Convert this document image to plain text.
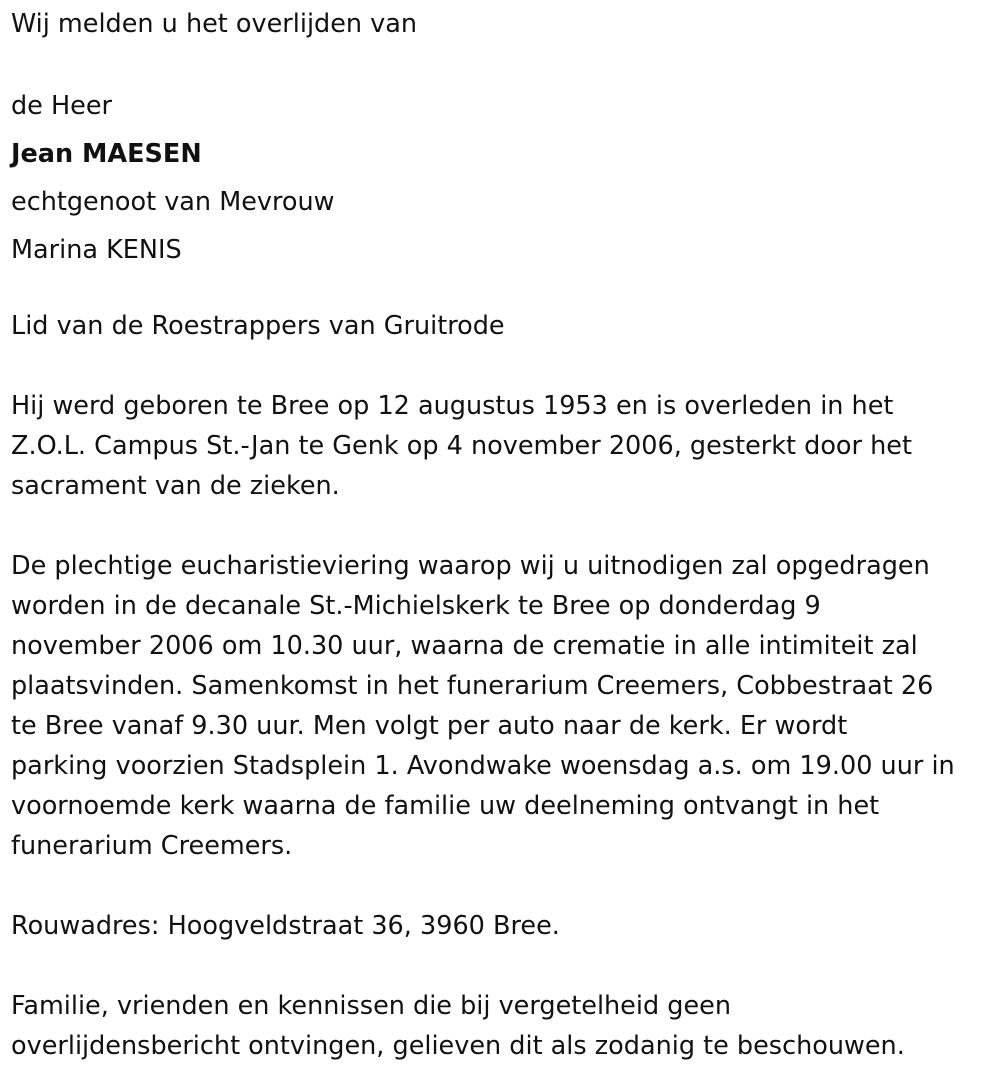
Wij melden u het overlijden van

de Heer

Jean MAESEN

echtgenoot van Mevrouw

Marina KENIS

Lid van de Roestrappers van Gruitrode

Hij werd geboren te Bree op 12 augustus 1953 en is overleden in het

Z.O.L. Campus St.-Jan te Genk op 4 november 2006, gesterkt door het

sacrament van de zieken.

De plechtige eucharistieviering waarop wij u uitnodigen zal opgedragen

worden in de decanale St.-Michielskerk te Bree op donderdag 9

november 2006 om 10.30 uur, waarna de crematie in alle intimiteit zal

plaatsvinden. Samenkomst in het funerarium Creemers, Cobbestraat 26

te Bree vanaf 9.30 uur. Men volgt per auto naar de kerk. Er wordt

parking voorzien Stadsplein 1. Avondwake woensdag a.s. om 19.00 uur in

voornoemde kerk waarna de familie uw deelneming ontvangt in het

funerarium Creemers.

Rouwadres: Hoogveldstraat 36, 3960 Bree.

Familie, vrienden en kennissen die bij vergetelheid geen

overlijdensbericht ontvingen, gelieven dit als zodanig te beschouwen.
